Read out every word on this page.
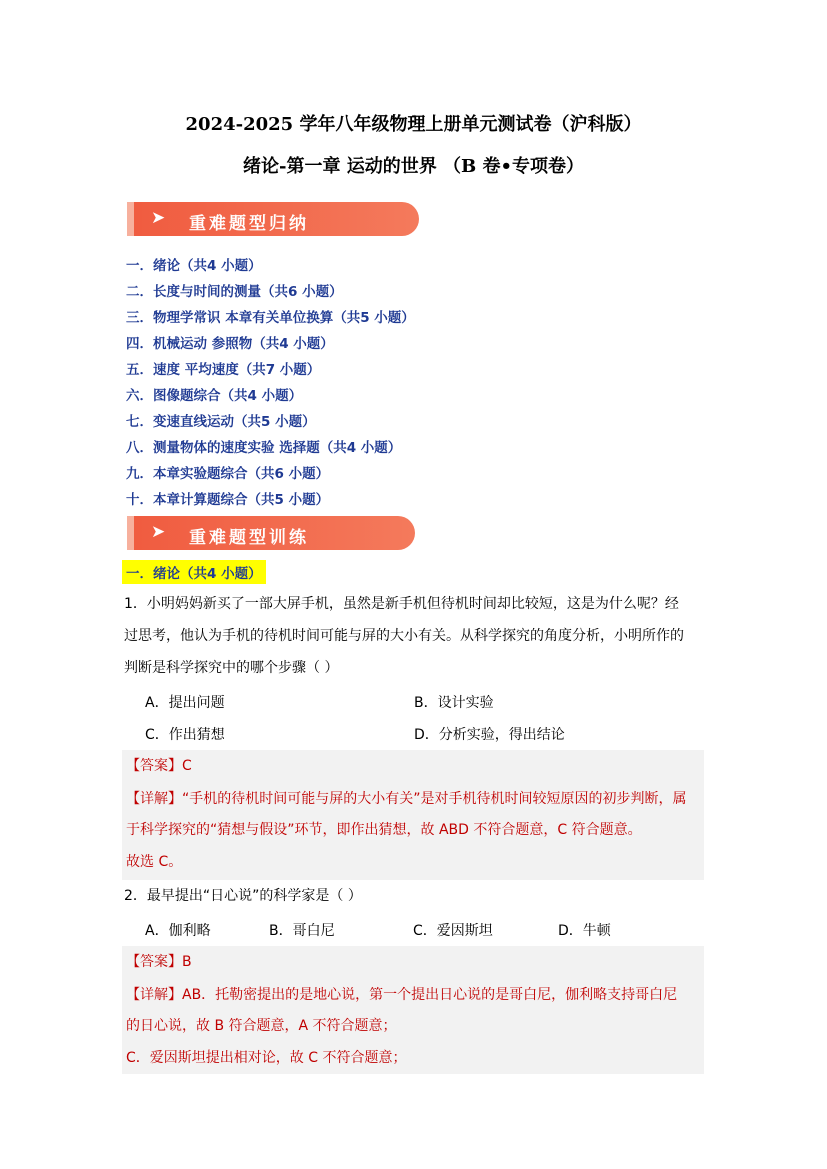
2024-2025 学年八年级物理上册单元测试卷（沪科版）
绪论-第一章 运动的世界 （B 卷•专项卷）
➤ 重难题型归纳
一．绪论（共4 小题）
二．长度与时间的测量（共6 小题）
三．物理学常识 本章有关单位换算（共5 小题）
四．机械运动 参照物（共4 小题）
五．速度 平均速度（共7 小题）
六．图像题综合（共4 小题）
七．变速直线运动（共5 小题）
八．测量物体的速度实验 选择题（共4 小题）
九．本章实验题综合（共6 小题）
十．本章计算题综合（共5 小题）
➤ 重难题型训练
一．绪论（共4 小题）
1．小明妈妈新买了一部大屏手机，虽然是新手机但待机时间却比较短，这是为什么呢？经
过思考，他认为手机的待机时间可能与屏的大小有关。从科学探究的角度分析，小明所作的
判断是科学探究中的哪个步骤（ ）
A．提出问题	B．设计实验
C．作出猜想	D．分析实验，得出结论
【答案】C
【详解】“手机的待机时间可能与屏的大小有关”是对手机待机时间较短原因的初步判断，属
于科学探究的“猜想与假设”环节，即作出猜想，故 ABD 不符合题意，C 符合题意。
故选 C。
2．最早提出“日心说”的科学家是（ ）
A．伽利略	B．哥白尼	C．爱因斯坦	D．牛顿
【答案】B
【详解】AB．托勒密提出的是地心说，第一个提出日心说的是哥白尼，伽利略支持哥白尼
的日心说，故 B 符合题意，A 不符合题意；
C．爱因斯坦提出相对论，故 C 不符合题意；
